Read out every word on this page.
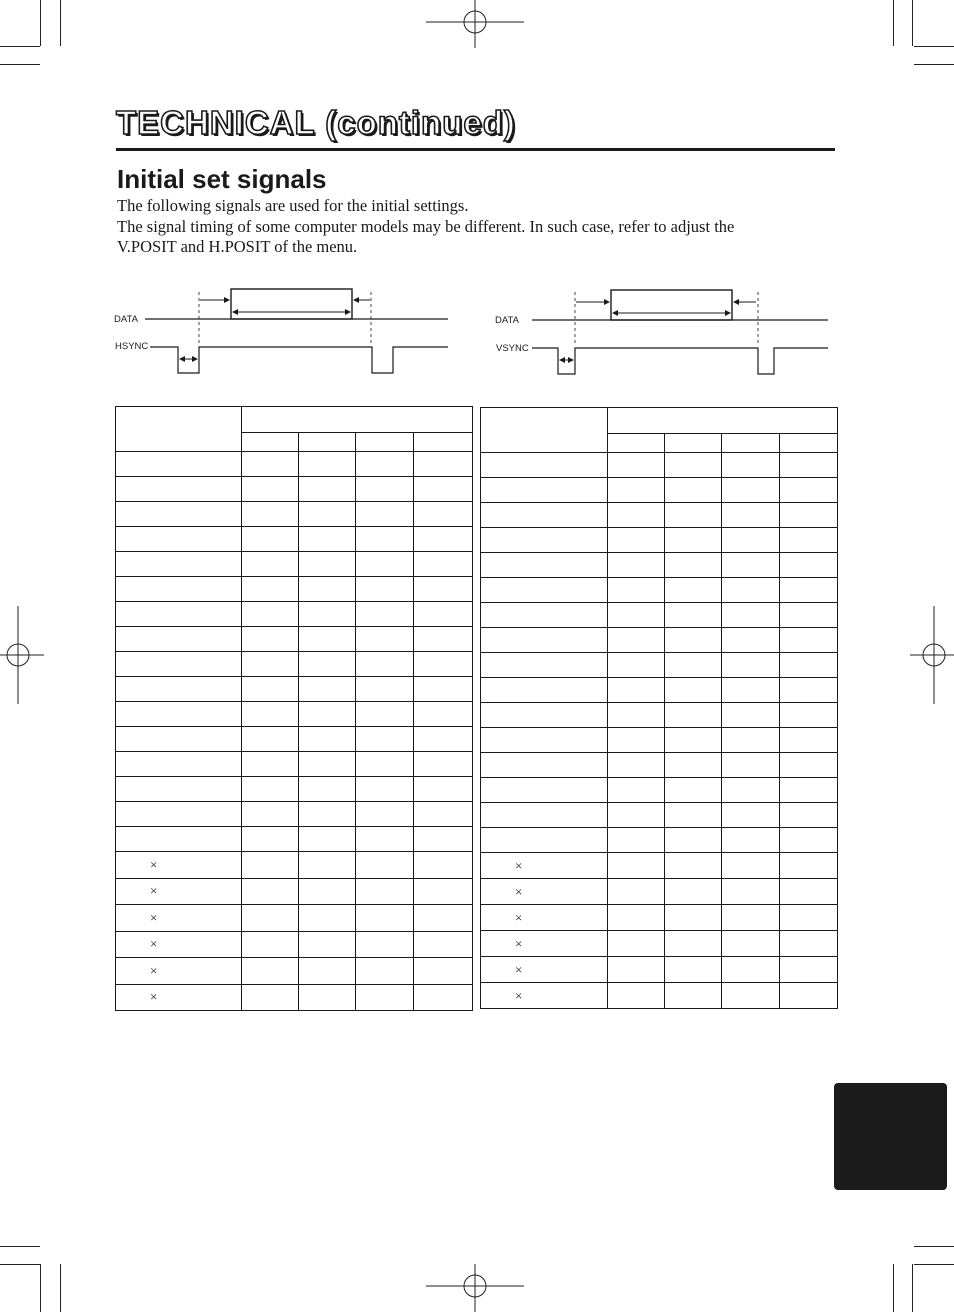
TECHNICAL (continued)
Initial set signals
The following signals are used for the initial settings.
The signal timing of some computer models may be different. In such case, refer to adjust the
V.POSIT and H.POSIT of the menu.
DATA
HSYNC
DATA
VSYNC

×				
×				
×				
×				
×				
×				

×				
×				
×				
×				
×				
×				
